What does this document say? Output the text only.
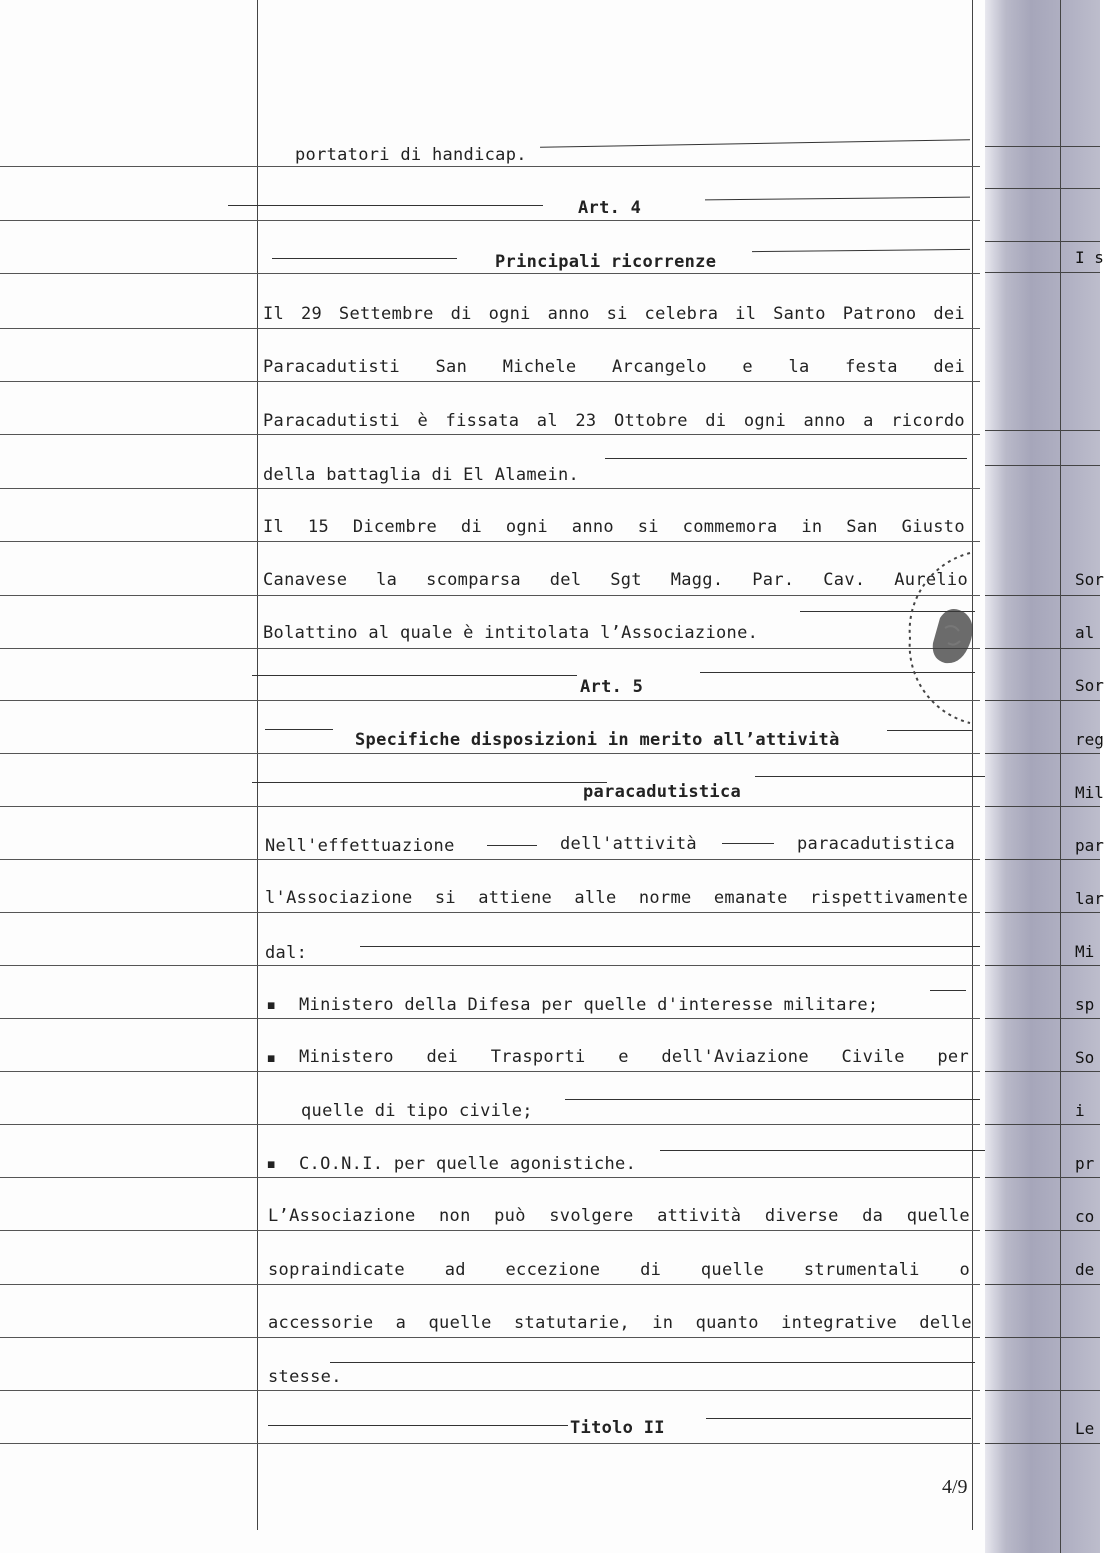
portatori di handicap.
Art. 4
Principali ricorrenze
Il 29 Settembre di ogni anno si celebra il Santo Patrono dei
Paracadutisti San Michele Arcangelo e la festa dei
Paracadutisti è fissata al 23 Ottobre di ogni anno a ricordo
della battaglia di El Alamein.
Il 15 Dicembre di ogni anno si commemora in San Giusto
Canavese la scomparsa del Sgt Magg. Par. Cav. Aurelio
Bolattino al quale è intitolata l’Associazione.
Art. 5
Specifiche disposizioni in merito all’attività
paracadutistica
Nell'effettuazione	dell'attività	paracadutistica
l'Associazione si attiene alle norme emanate rispettivamente
dal:
▪ Ministero della Difesa per quelle d'interesse militare;
▪ Ministero dei Trasporti e dell'Aviazione Civile per
quelle di tipo civile;
▪ C.O.N.I. per quelle agonistiche.
L’Associazione non può svolgere attività diverse da quelle
sopraindicate ad eccezione di quelle strumentali o
accessorie a quelle statutarie, in quanto integrative delle
stesse.
Titolo II
4/9
I s
Sor
al
Sor
reg
Mil
par
lar
Mi
sp
So
i
pr
co
de
Le
